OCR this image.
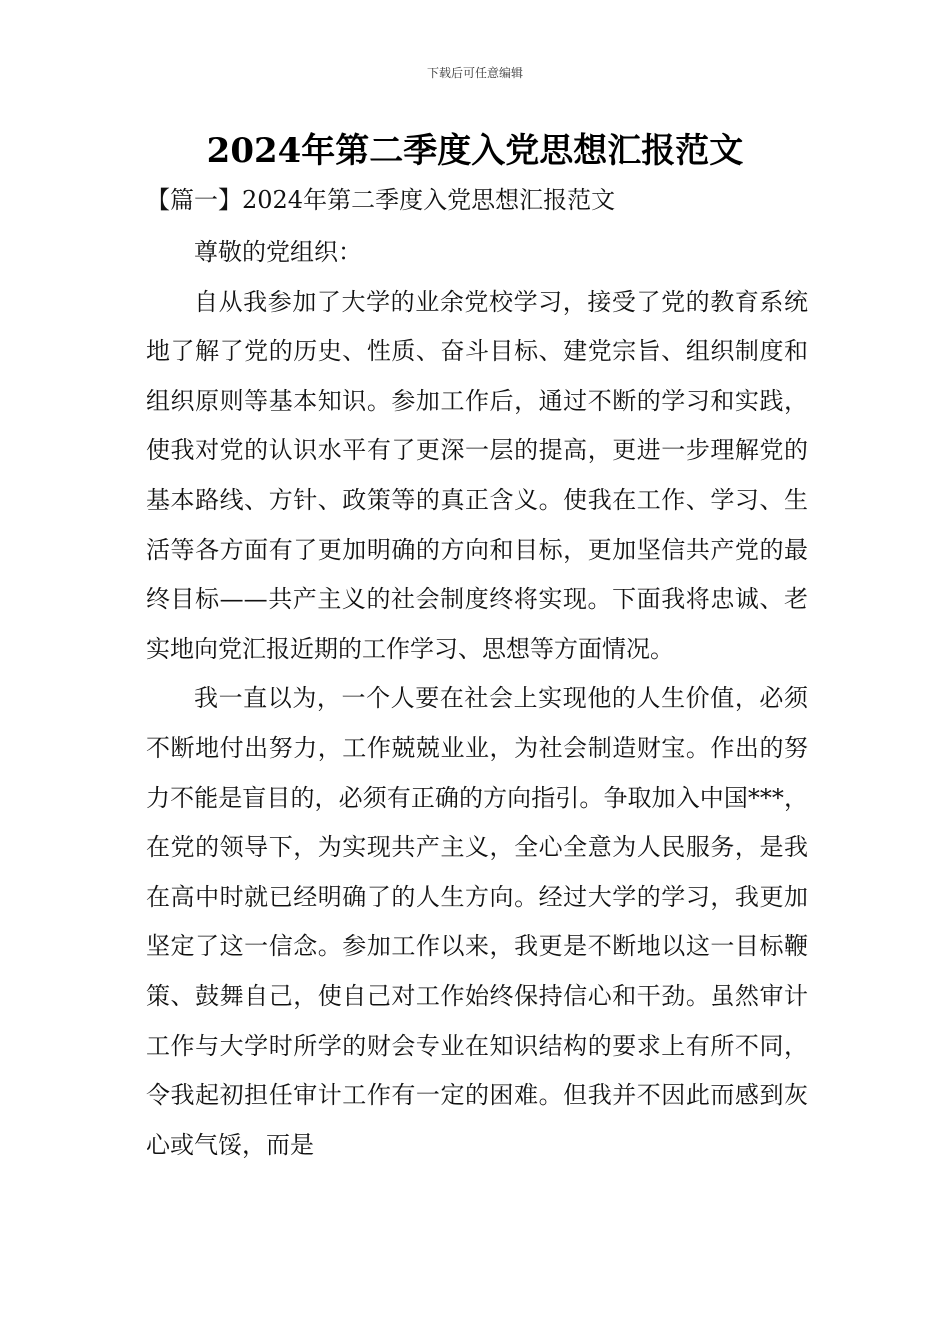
下载后可任意编辑
2024年第二季度入党思想汇报范文
【篇一】2024年第二季度入党思想汇报范文

尊敬的党组织：

自从我参加了大学的业余党校学习，接受了党的教育系统地了解了党的历史、性质、奋斗目标、建党宗旨、组织制度和组织原则等基本知识。参加工作后，通过不断的学习和实践，使我对党的认识水平有了更深一层的提高，更进一步理解党的基本路线、方针、政策等的真正含义。使我在工作、学习、生活等各方面有了更加明确的方向和目标，更加坚信共产党的最终目标——共产主义的社会制度终将实现。下面我将忠诚、老实地向党汇报近期的工作学习、思想等方面情况。

我一直以为，一个人要在社会上实现他的人生价值，必须不断地付出努力，工作兢兢业业，为社会制造财宝。作出的努力不能是盲目的，必须有正确的方向指引。争取加入中国***，在党的领导下，为实现共产主义，全心全意为人民服务，是我在高中时就已经明确了的人生方向。经过大学的学习，我更加坚定了这一信念。参加工作以来，我更是不断地以这一目标鞭策、鼓舞自己，使自己对工作始终保持信心和干劲。虽然审计工作与大学时所学的财会专业在知识结构的要求上有所不同，令我起初担任审计工作有一定的困难。但我并不因此而感到灰心或气馁，而是
